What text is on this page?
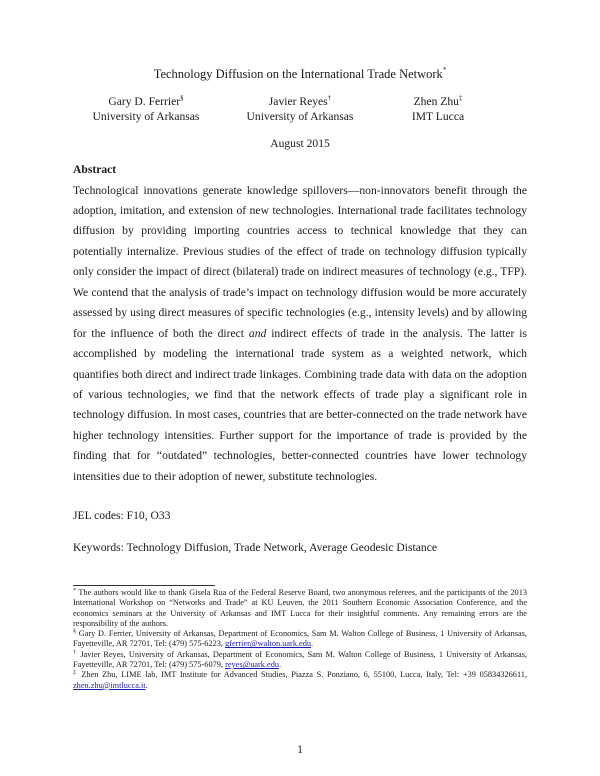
Technology Diffusion on the International Trade Network*
Gary D. Ferrier§
University of Arkansas
Javier Reyes†
University of Arkansas
Zhen Zhu‡
IMT Lucca
August 2015
Abstract

Technological innovations generate knowledge spillovers—non-innovators benefit through the adoption, imitation, and extension of new technologies. International trade facilitates technology diffusion by providing importing countries access to technical knowledge that they can potentially internalize. Previous studies of the effect of trade on technology diffusion typically only consider the impact of direct (bilateral) trade on indirect measures of technology (e.g., TFP). We contend that the analysis of trade’s impact on technology diffusion would be more accurately assessed by using direct measures of specific technologies (e.g., intensity levels) and by allowing for the influence of both the direct and indirect effects of trade in the analysis. The latter is accomplished by modeling the international trade system as a weighted network, which quantifies both direct and indirect trade linkages. Combining trade data with data on the adoption of various technologies, we find that the network effects of trade play a significant role in technology diffusion. In most cases, countries that are better-connected on the trade network have higher technology intensities. Further support for the importance of trade is provided by the finding that for “outdated” technologies, better-connected countries have lower technology intensities due to their adoption of newer, substitute technologies.

JEL codes: F10, O33
Keywords: Technology Diffusion, Trade Network, Average Geodesic Distance

* The authors would like to thank Gisela Rua of the Federal Reserve Board, two anonymous referees, and the participants of the 2013 International Workshop on “Networks and Trade” at KU Leuven, the 2011 Southern Economic Association Conference, and the economics seminars at the University of Arkansas and IMT Lucca for their insightful comments. Any remaining errors are the responsibility of the authors.

§ Gary D. Ferrier, University of Arkansas, Department of Economics, Sam M. Walton College of Business, 1 University of Arkansas, Fayetteville, AR 72701, Tel: (479) 575-6223, gferrier@walton.uark.edu.

† Javier Reyes, University of Arkansas, Department of Economics, Sam M. Walton College of Business, 1 University of Arkansas, Fayetteville, AR 72701, Tel: (479) 575-6079, reyes@uark.edu.

‡ Zhen Zhu, LIME lab, IMT Institute for Advanced Studies, Piazza S. Ponziano, 6, 55100, Lucca, Italy, Tel: +39 05834326611, zhen.zhu@imtlucca.it.

1
